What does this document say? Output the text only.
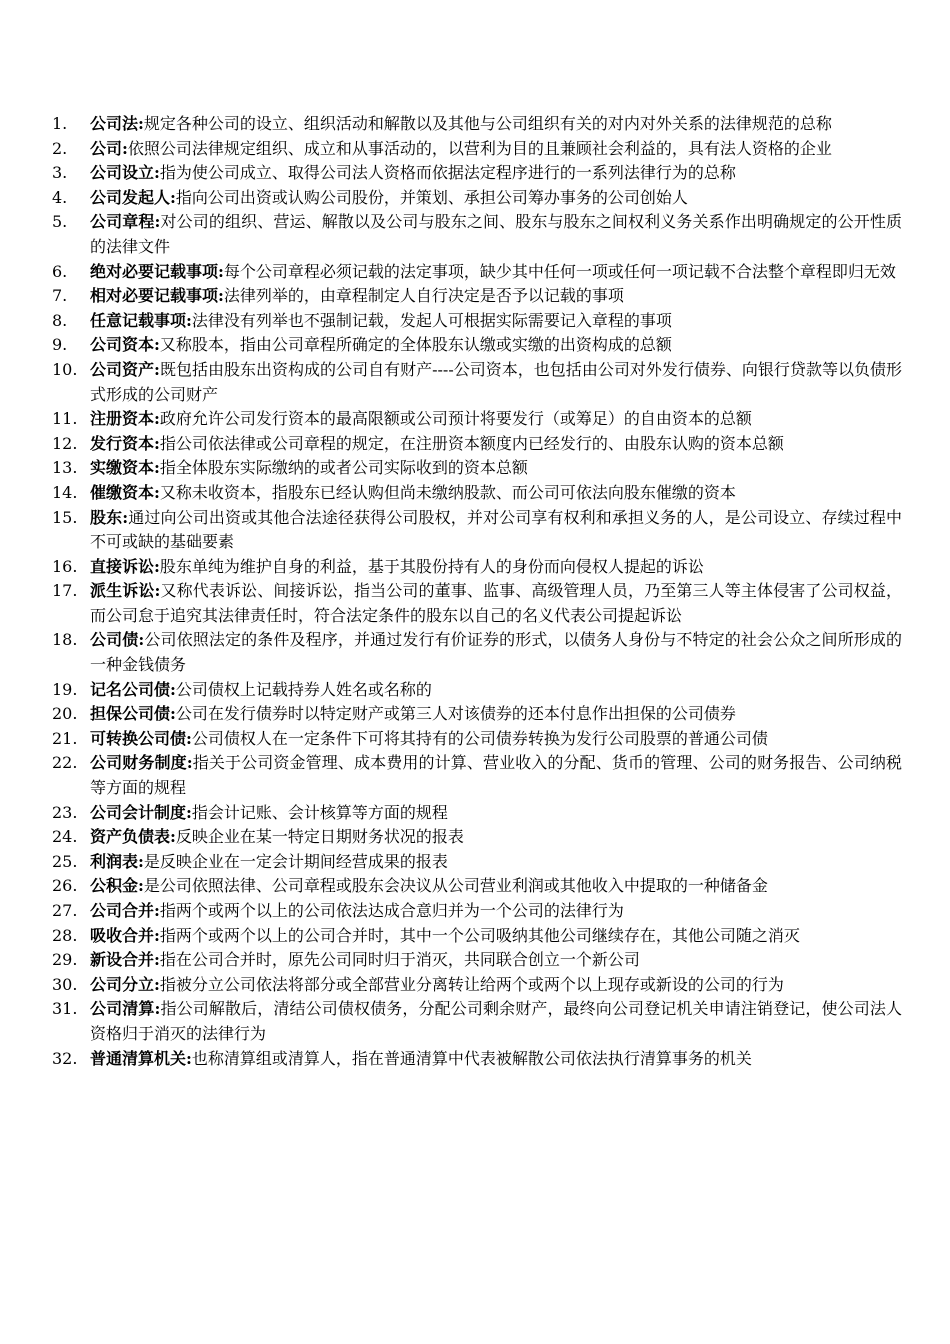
1.	公司法:规定各种公司的设立、组织活动和解散以及其他与公司组织有关的对内对外关系的法律规范的总称
2.	公司:依照公司法律规定组织、成立和从事活动的，以营利为目的且兼顾社会利益的，具有法人资格的企业
3.	公司设立:指为使公司成立、取得公司法人资格而依据法定程序进行的一系列法律行为的总称
4.	公司发起人:指向公司出资或认购公司股份，并策划、承担公司筹办事务的公司创始人
5.	公司章程:对公司的组织、营运、解散以及公司与股东之间、股东与股东之间权利义务关系作出明确规定的公开性质的法律文件
6.	绝对必要记载事项:每个公司章程必须记载的法定事项，缺少其中任何一项或任何一项记载不合法整个章程即归无效
7.	相对必要记载事项:法律列举的，由章程制定人自行决定是否予以记载的事项
8.	任意记载事项:法律没有列举也不强制记载，发起人可根据实际需要记入章程的事项
9.	公司资本:又称股本，指由公司章程所确定的全体股东认缴或实缴的出资构成的总额
10. 公司资产:既包括由股东出资构成的公司自有财产----公司资本，也包括由公司对外发行债券、向银行贷款等以负债形式形成的公司财产
11. 注册资本:政府允许公司发行资本的最高限额或公司预计将要发行（或筹足）的自由资本的总额
12. 发行资本:指公司依法律或公司章程的规定，在注册资本额度内已经发行的、由股东认购的资本总额
13. 实缴资本:指全体股东实际缴纳的或者公司实际收到的资本总额
14. 催缴资本:又称未收资本，指股东已经认购但尚未缴纳股款、而公司可依法向股东催缴的资本
15. 股东:通过向公司出资或其他合法途径获得公司股权，并对公司享有权利和承担义务的人，是公司设立、存续过程中不可或缺的基础要素
16. 直接诉讼:股东单纯为维护自身的利益，基于其股份持有人的身份而向侵权人提起的诉讼
17. 派生诉讼:又称代表诉讼、间接诉讼，指当公司的董事、监事、高级管理人员，乃至第三人等主体侵害了公司权益，而公司怠于追究其法律责任时，符合法定条件的股东以自己的名义代表公司提起诉讼
18. 公司债:公司依照法定的条件及程序，并通过发行有价证券的形式，以债务人身份与不特定的社会公众之间所形成的一种金钱债务
19. 记名公司债:公司债权上记载持券人姓名或名称的
20. 担保公司债:公司在发行债券时以特定财产或第三人对该债券的还本付息作出担保的公司债券
21. 可转换公司债:公司债权人在一定条件下可将其持有的公司债券转换为发行公司股票的普通公司债
22. 公司财务制度:指关于公司资金管理、成本费用的计算、营业收入的分配、货币的管理、公司的财务报告、公司纳税等方面的规程
23. 公司会计制度:指会计记账、会计核算等方面的规程
24. 资产负债表:反映企业在某一特定日期财务状况的报表
25. 利润表:是反映企业在一定会计期间经营成果的报表
26. 公积金:是公司依照法律、公司章程或股东会决议从公司营业利润或其他收入中提取的一种储备金
27. 公司合并:指两个或两个以上的公司依法达成合意归并为一个公司的法律行为
28. 吸收合并:指两个或两个以上的公司合并时，其中一个公司吸纳其他公司继续存在，其他公司随之消灭
29. 新设合并:指在公司合并时，原先公司同时归于消灭，共同联合创立一个新公司
30. 公司分立:指被分立公司依法将部分或全部营业分离转让给两个或两个以上现存或新设的公司的行为
31. 公司清算:指公司解散后，清结公司债权债务，分配公司剩余财产，最终向公司登记机关申请注销登记，使公司法人资格归于消灭的法律行为
32. 普通清算机关:也称清算组或清算人，指在普通清算中代表被解散公司依法执行清算事务的机关
